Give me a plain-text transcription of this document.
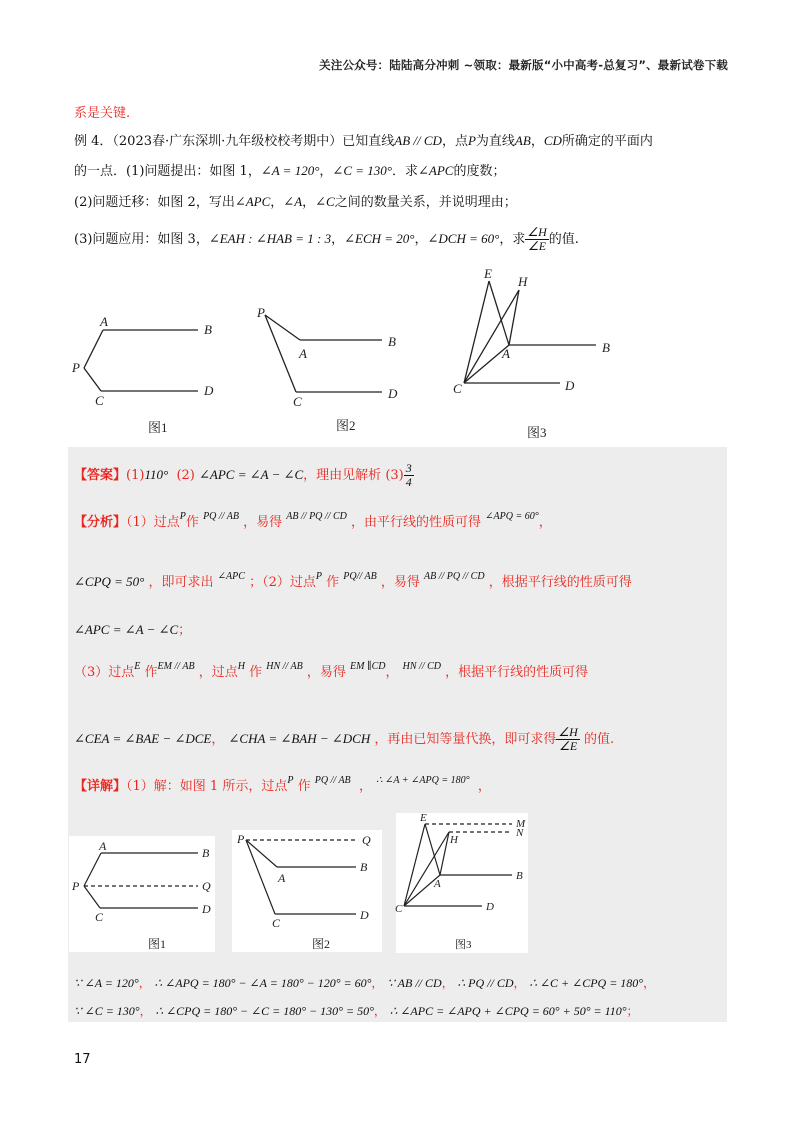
关注公众号：陆陆高分冲刺 ~领取：最新版“小中高考-总复习”、最新试卷下载
系是关键.
例 4．（2023春·广东深圳·九年级校校考期中）已知直线AB // CD，点P为直线AB，CD所确定的平面内
的一点．(1)问题提出：如图 1，∠A = 120°，∠C = 130°．求∠APC的度数；
(2)问题迁移：如图 2，写出∠APC，∠A，∠C之间的数量关系，并说明理由；
(3)问题应用：如图 3，∠EAH : ∠HAB = 1 : 3，∠ECH = 20°，∠DCH = 60°，求 $\frac{\angle H}{\angle E}$ 的值.
A
B
P
C
D
图1
P
A
B
C
D
图2
E
H
A	B
C	D
图3
【答案】(1)110° (2) ∠APC = ∠A − ∠C，理由见解析 $(3) \frac{3}{4}$
【分析】（1）过点$^P$作 $^{PQ // AB}$ ，易得 $^{AB // PQ // CD}$ ，由平行线的性质可得 $^{\angle APQ = 60^\circ}$，
∠CPQ = 50° ，即可求出 $^{\angle APC}$ ；（2）过点$^P$ 作 $^{PQ// AB}$ ，易得 $^{AB // PQ // CD}$ ，根据平行线的性质可得
∠APC = ∠A − ∠C；
（3）过点$^E$ 作$^{EM // AB}$ ，过点$^H$ 作 $^{HN // AB}$ ，易得 $^{EM \parallel CD}$， $^{HN // CD}$ ，根据平行线的性质可得
∠CEA = ∠BAE − ∠DCE， ∠CHA = ∠BAH − ∠DCH ，再由已知等量代换，即可求得 $\frac{\angle H}{\angle E}$ 的值.
【详解】（1）解：如图 1 所示，过点$^P$ 作 $^{PQ // AB}$ ， $^{\therefore \angle A + \angle APQ = 180^\circ}$ ，
A	B
P	Q
C
D
图1
P	Q
A
B
C
D
图2
E
H
M
N
A
B
C	D
图3
∵ ∠A = 120°， ∴ ∠APQ = 180° − ∠A = 180° − 120° = 60°， ∵ AB // CD， ∴ PQ // CD， ∴ ∠C + ∠CPQ = 180°，
∵ ∠C = 130°， ∴ ∠CPQ = 180° − ∠C = 180° − 130° = 50°， ∴ ∠APC = ∠APQ + ∠CPQ = 60° + 50° = 110°；
17
